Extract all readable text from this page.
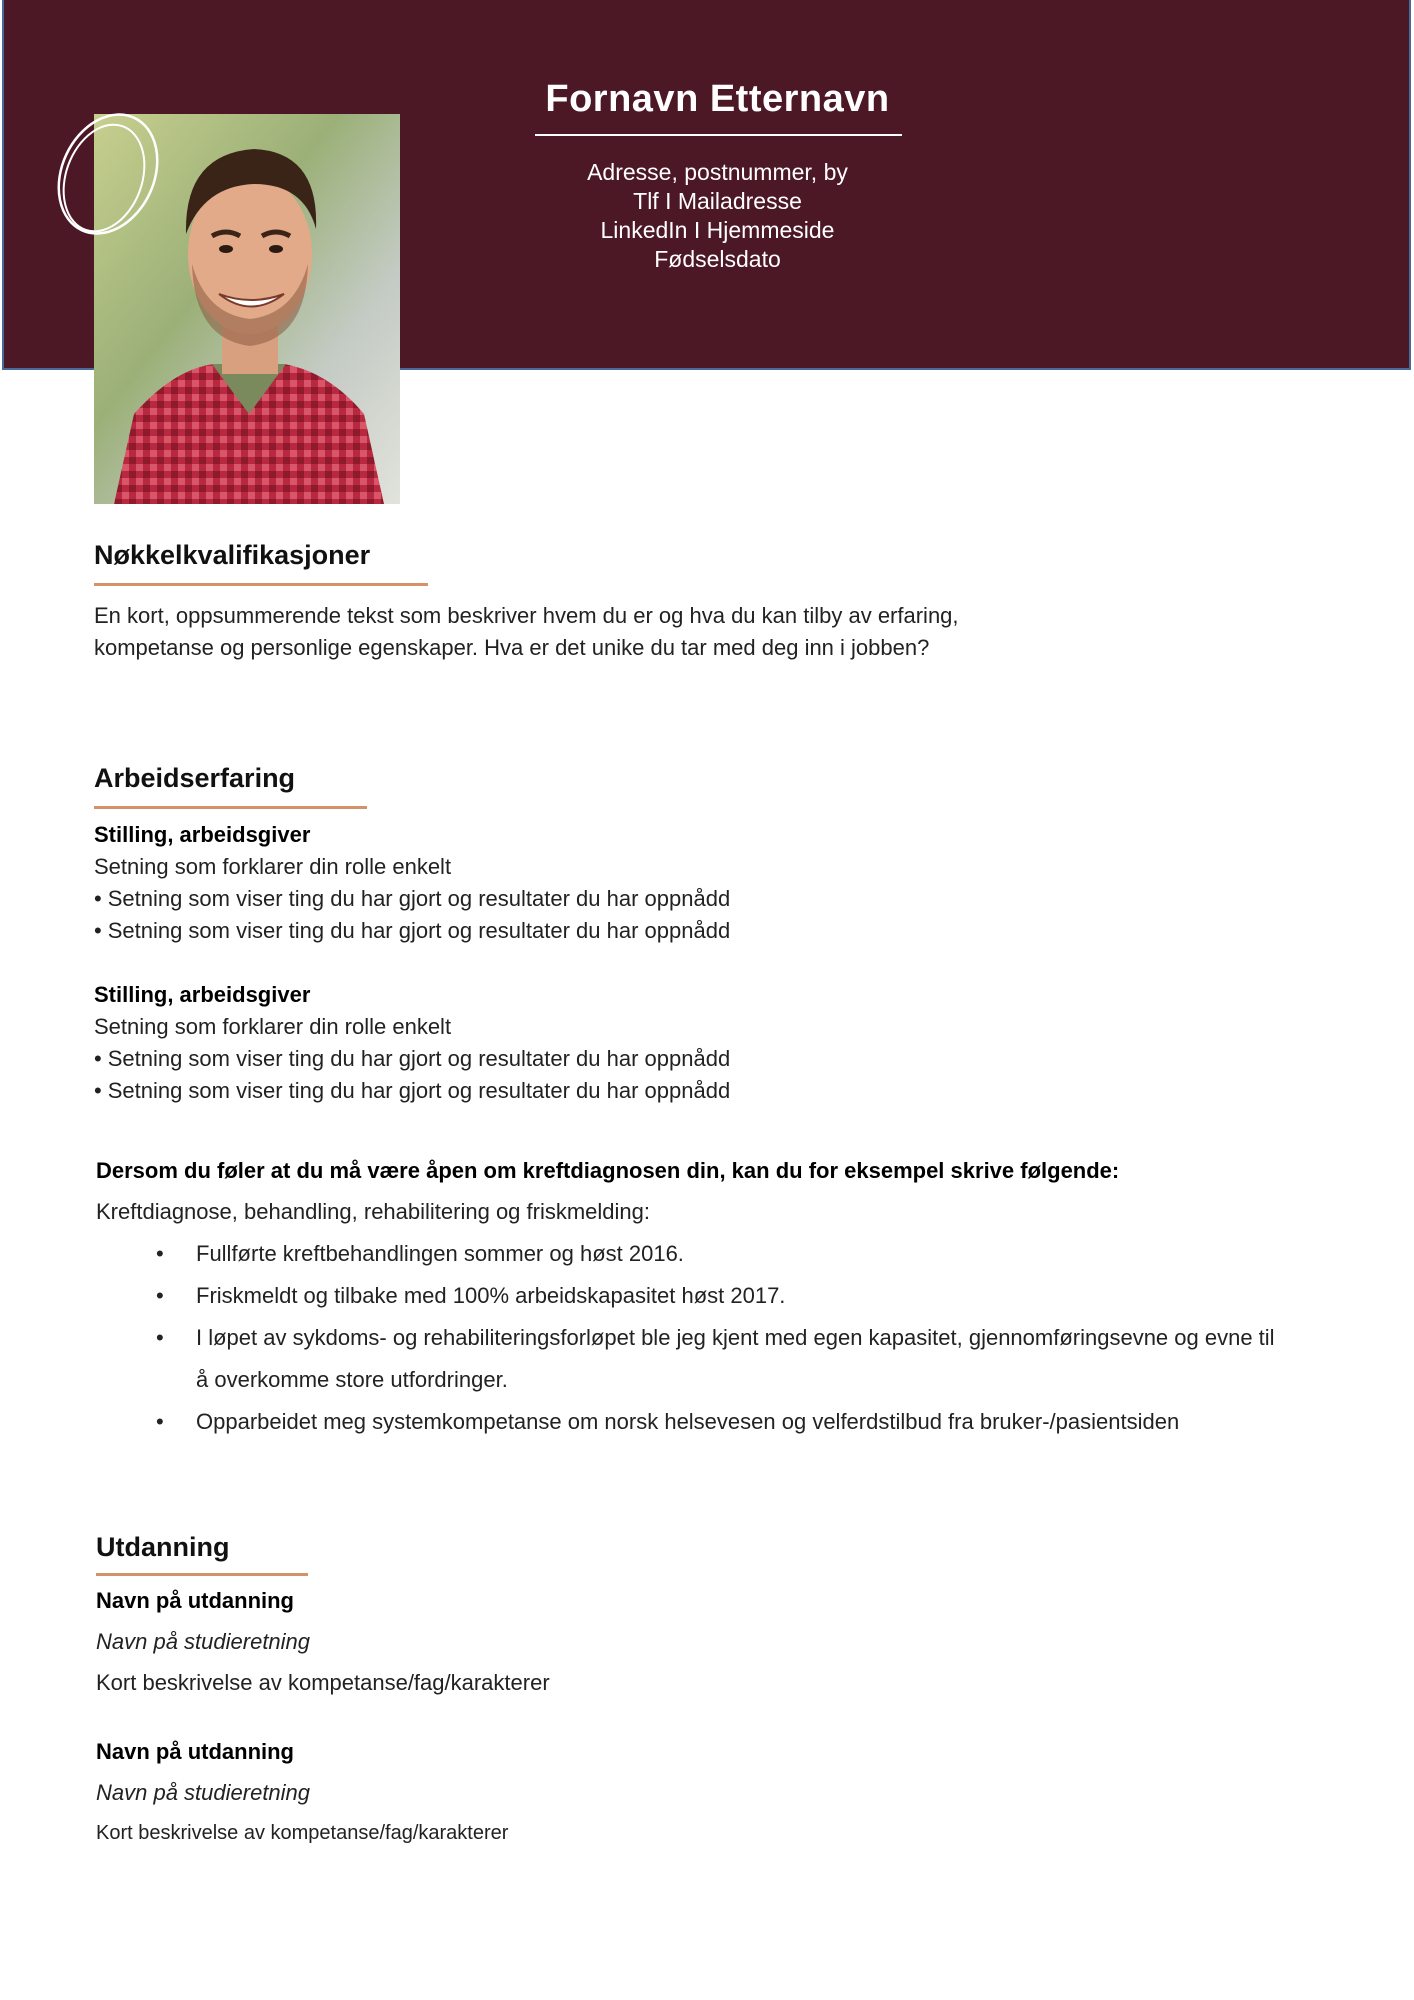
Fornavn Etternavn
Adresse, postnummer, by
Tlf I Mailadresse
LinkedIn I Hjemmeside
Fødselsdato
Nøkkelkvalifikasjoner
En kort, oppsummerende tekst som beskriver hvem du er og hva du kan tilby av erfaring,
kompetanse og personlige egenskaper. Hva er det unike du tar med deg inn i jobben?
Arbeidserfaring
Stilling, arbeidsgiver
Setning som forklarer din rolle enkelt
• Setning som viser ting du har gjort og resultater du har oppnådd
• Setning som viser ting du har gjort og resultater du har oppnådd
Stilling, arbeidsgiver
Setning som forklarer din rolle enkelt
• Setning som viser ting du har gjort og resultater du har oppnådd
• Setning som viser ting du har gjort og resultater du har oppnådd
Dersom du føler at du må være åpen om kreftdiagnosen din, kan du for eksempel skrive følgende:
Kreftdiagnose, behandling, rehabilitering og friskmelding:
• Fullførte kreftbehandlingen sommer og høst 2016.
• Friskmeldt og tilbake med 100% arbeidskapasitet høst 2017.
• I løpet av sykdoms- og rehabiliteringsforløpet ble jeg kjent med egen kapasitet, gjennomføringsevne og evne til å overkomme store utfordringer.
• Opparbeidet meg systemkompetanse om norsk helsevesen og velferdstilbud fra bruker-/pasientsiden
Utdanning
Navn på utdanning
Navn på studieretning
Kort beskrivelse av kompetanse/fag/karakterer
Navn på utdanning
Navn på studieretning
Kort beskrivelse av kompetanse/fag/karakterer
